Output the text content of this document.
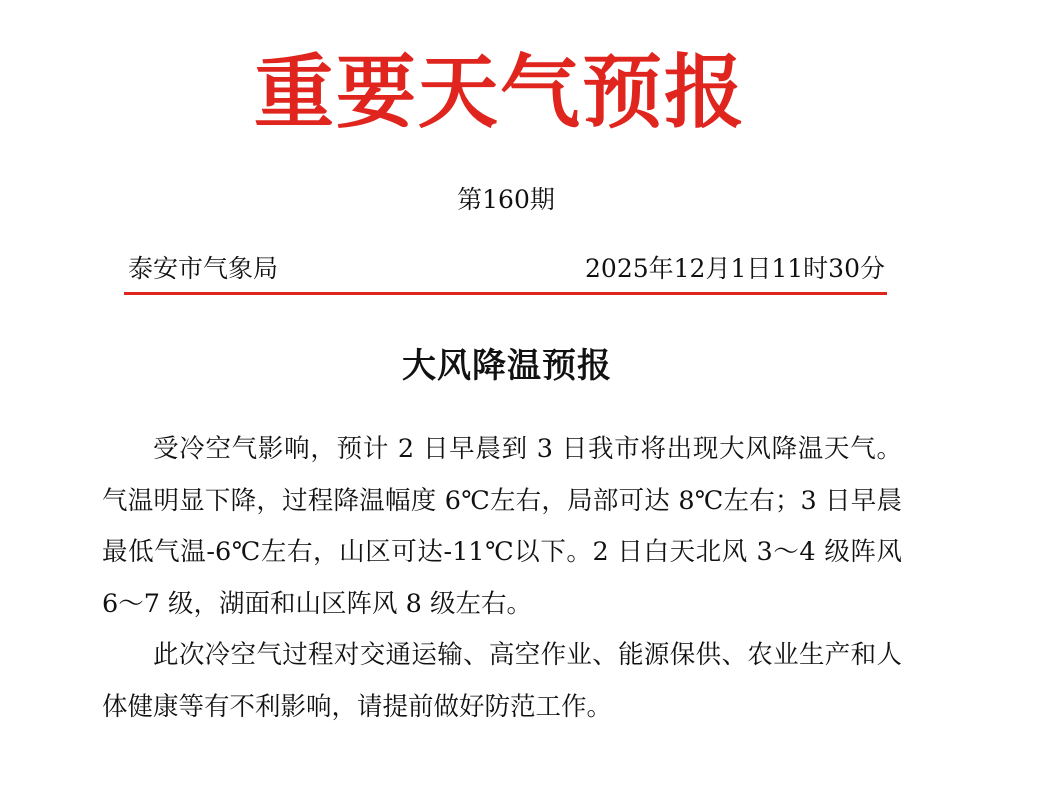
重要天气预报
第160期
泰安市气象局	2025年12月1日11时30分
大风降温预报

受冷空气影响，预计 2 日早晨到 3 日我市将出现大风降温天气。气温明显下降，过程降温幅度 6℃左右，局部可达 8℃左右；3 日早晨最低气温-6℃左右，山区可达-11℃以下。2 日白天北风 3～4 级阵风 6～7 级，湖面和山区阵风 8 级左右。

此次冷空气过程对交通运输、高空作业、能源保供、农业生产和人体健康等有不利影响，请提前做好防范工作。
